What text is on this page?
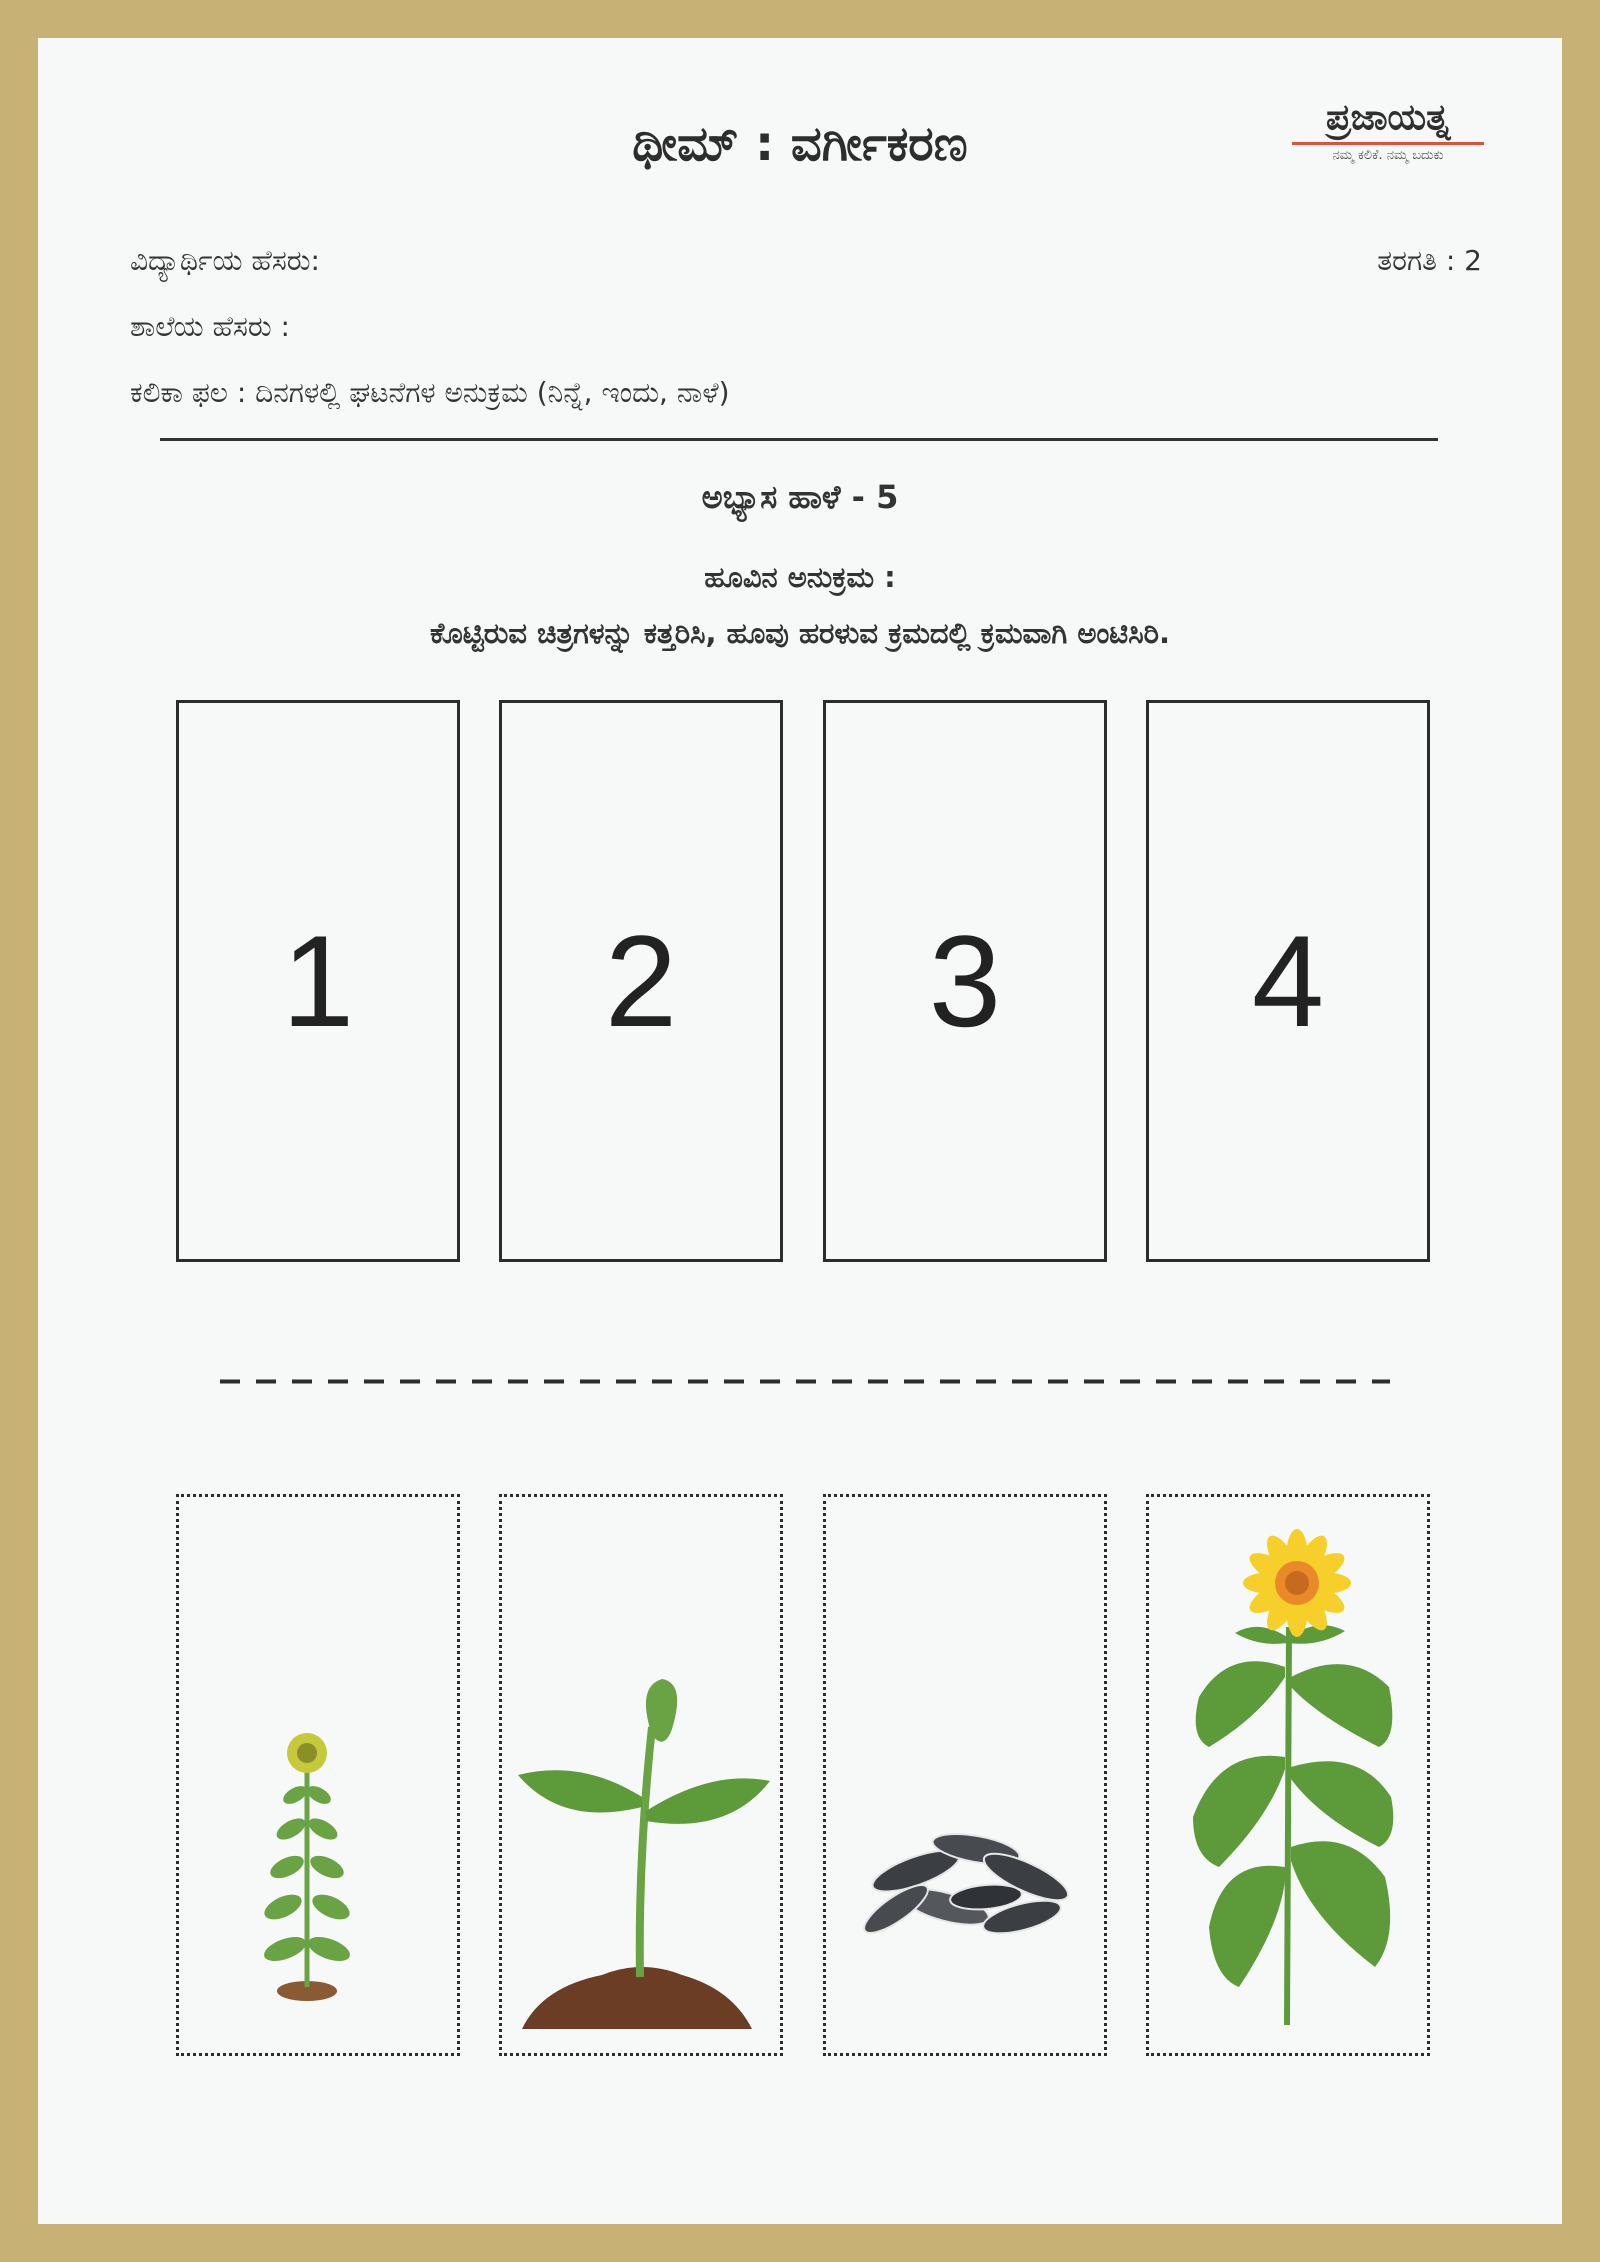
ಥೀಮ್ : ವರ್ಗೀಕರಣ	ಪ್ರಜಾಯತ್ನ
ನಮ್ಮ ಕಲಿಕೆ. ನಮ್ಮ ಬದುಕು
ವಿದ್ಯಾರ್ಥಿಯ ಹೆಸರು:
ಶಾಲೆಯ ಹೆಸರು :
ಕಲಿಕಾ ಫಲ : ದಿನಗಳಲ್ಲಿ ಘಟನೆಗಳ ಅನುಕ್ರಮ (ನಿನ್ನೆ, ಇಂದು, ನಾಳೆ)
ತರಗತಿ : 2
ಅಭ್ಯಾಸ ಹಾಳೆ - 5
ಹೂವಿನ ಅನುಕ್ರಮ :
ಕೊಟ್ಟಿರುವ ಚಿತ್ರಗಳನ್ನು ಕತ್ತರಿಸಿ, ಹೂವು ಹರಳುವ ಕ್ರಮದಲ್ಲಿ ಕ್ರಮವಾಗಿ ಅಂಟಿಸಿರಿ.
1 2 3 4
